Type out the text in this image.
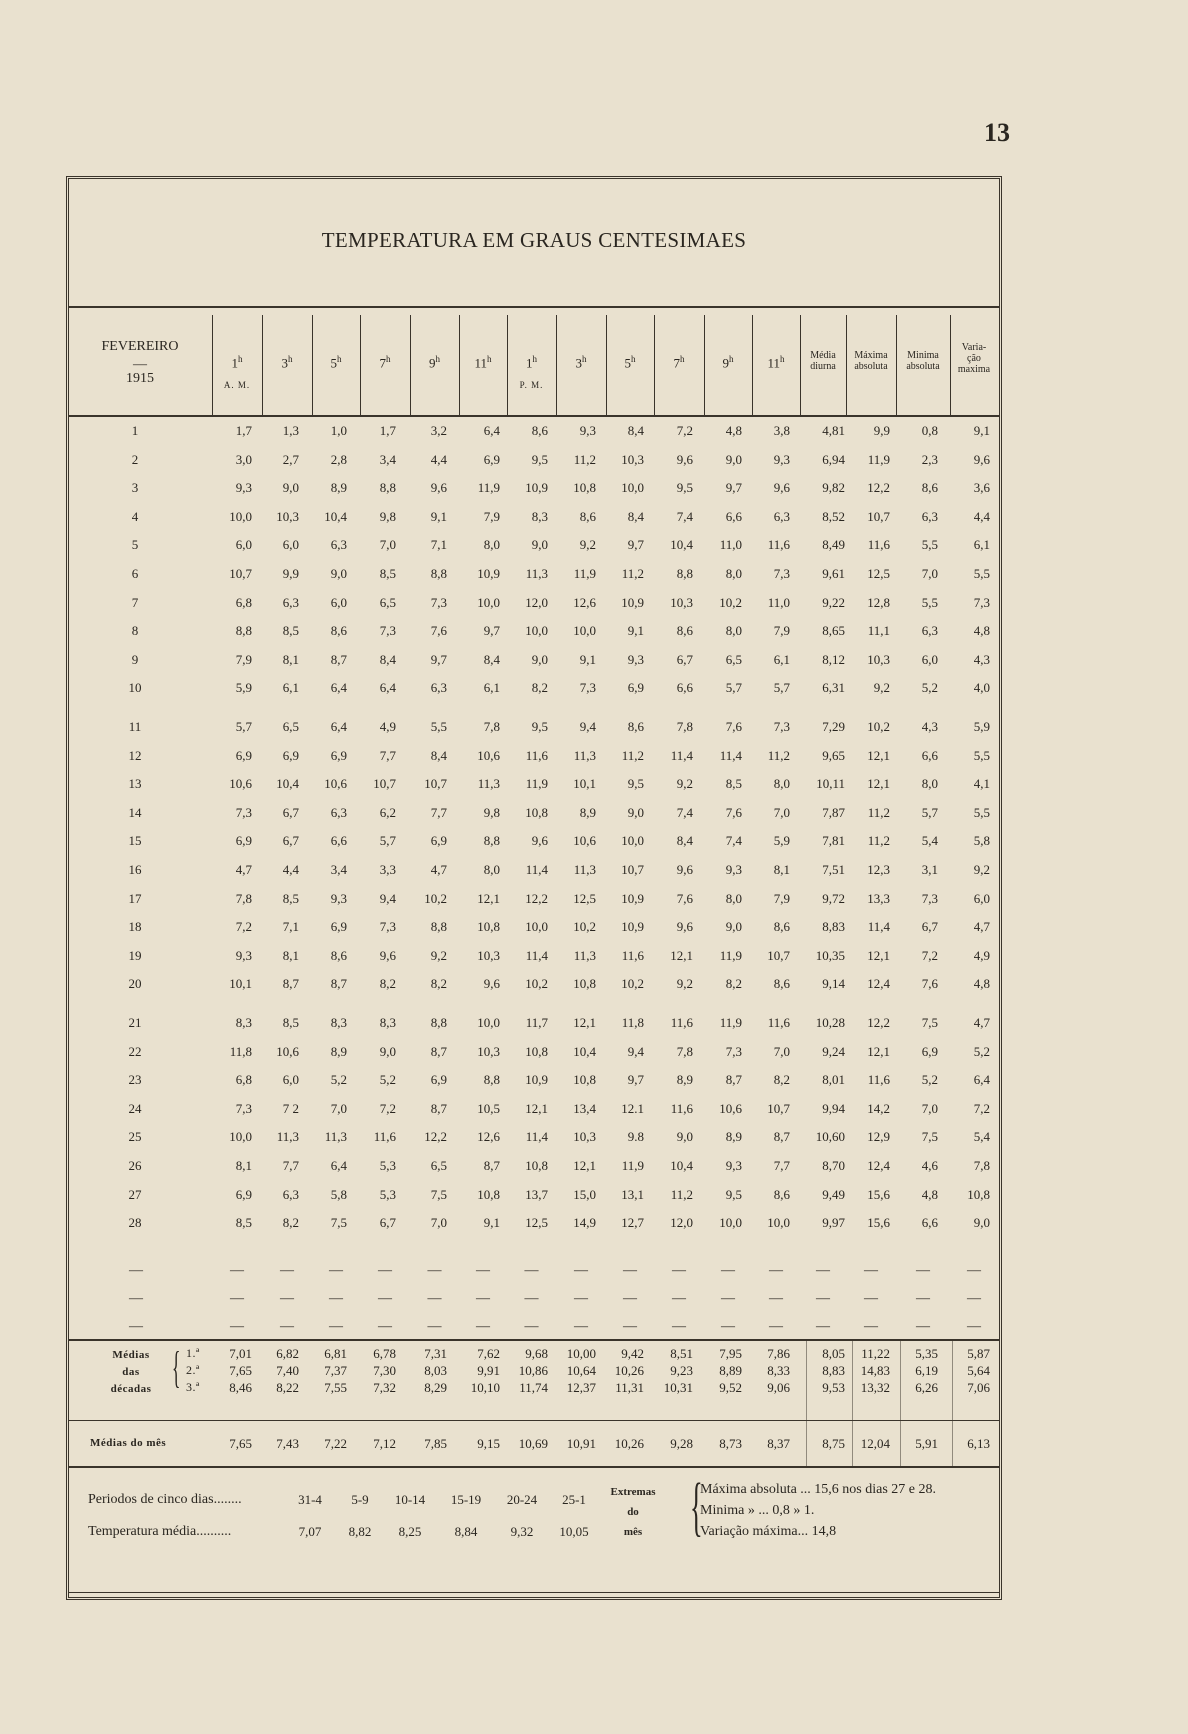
13
TEMPERATURA EM GRAUS CENTESIMAES
FEVEREIRO
—
1915
1$^h$	3$^h$	5$^h$	7$^h$	9$^h$	11$^h$	1$^h$	3$^h$	5$^h$	7$^h$	9$^h$	11$^h$
A. M.	P. M.
Média
diurna
Máxima
absoluta
Minima
absoluta
Varia-
ção
maxima
1	1,7	1,3	1,0	1,7	3,2	6,4	8,6	9,3	8,4	7,2	4,8	3,8	4,81	9,9	0,8	9,1
2	3,0	2,7	2,8	3,4	4,4	6,9	9,5	11,2	10,3	9,6	9,0	9,3	6,94	11,9	2,3	9,6
3	9,3	9,0	8,9	8,8	9,6	11,9	10,9	10,8	10,0	9,5	9,7	9,6	9,82	12,2	8,6	3,6
4	10,0	10,3	10,4	9,8	9,1	7,9	8,3	8,6	8,4	7,4	6,6	6,3	8,52	10,7	6,3	4,4
5	6,0	6,0	6,3	7,0	7,1	8,0	9,0	9,2	9,7	10,4	11,0	11,6	8,49	11,6	5,5	6,1
6	10,7	9,9	9,0	8,5	8,8	10,9	11,3	11,9	11,2	8,8	8,0	7,3	9,61	12,5	7,0	5,5
7	6,8	6,3	6,0	6,5	7,3	10,0	12,0	12,6	10,9	10,3	10,2	11,0	9,22	12,8	5,5	7,3
8	8,8	8,5	8,6	7,3	7,6	9,7	10,0	10,0	9,1	8,6	8,0	7,9	8,65	11,1	6,3	4,8
9	7,9	8,1	8,7	8,4	9,7	8,4	9,0	9,1	9,3	6,7	6,5	6,1	8,12	10,3	6,0	4,3
10	5,9	6,1	6,4	6,4	6,3	6,1	8,2	7,3	6,9	6,6	5,7	5,7	6,31	9,2	5,2	4,0
11	5,7	6,5	6,4	4,9	5,5	7,8	9,5	9,4	8,6	7,8	7,6	7,3	7,29	10,2	4,3	5,9
12	6,9	6,9	6,9	7,7	8,4	10,6	11,6	11,3	11,2	11,4	11,4	11,2	9,65	12,1	6,6	5,5
13	10,6	10,4	10,6	10,7	10,7	11,3	11,9	10,1	9,5	9,2	8,5	8,0	10,11	12,1	8,0	4,1
14	7,3	6,7	6,3	6,2	7,7	9,8	10,8	8,9	9,0	7,4	7,6	7,0	7,87	11,2	5,7	5,5
15	6,9	6,7	6,6	5,7	6,9	8,8	9,6	10,6	10,0	8,4	7,4	5,9	7,81	11,2	5,4	5,8
16	4,7	4,4	3,4	3,3	4,7	8,0	11,4	11,3	10,7	9,6	9,3	8,1	7,51	12,3	3,1	9,2
17	7,8	8,5	9,3	9,4	10,2	12,1	12,2	12,5	10,9	7,6	8,0	7,9	9,72	13,3	7,3	6,0
18	7,2	7,1	6,9	7,3	8,8	10,8	10,0	10,2	10,9	9,6	9,0	8,6	8,83	11,4	6,7	4,7
19	9,3	8,1	8,6	9,6	9,2	10,3	11,4	11,3	11,6	12,1	11,9	10,7	10,35	12,1	7,2	4,9
20	10,1	8,7	8,7	8,2	8,2	9,6	10,2	10,8	10,2	9,2	8,2	8,6	9,14	12,4	7,6	4,8
21	8,3	8,5	8,3	8,3	8,8	10,0	11,7	12,1	11,8	11,6	11,9	11,6	10,28	12,2	7,5	4,7
22	11,8	10,6	8,9	9,0	8,7	10,3	10,8	10,4	9,4	7,8	7,3	7,0	9,24	12,1	6,9	5,2
23	6,8	6,0	5,2	5,2	6,9	8,8	10,9	10,8	9,7	8,9	8,7	8,2	8,01	11,6	5,2	6,4
24	7,3	7 2	7,0	7,2	8,7	10,5	12,1	13,4	12.1	11,6	10,6	10,7	9,94	14,2	7,0	7,2
25	10,0	11,3	11,3	11,6	12,2	12,6	11,4	10,3	9.8	9,0	8,9	8,7	10,60	12,9	7,5	5,4
26	8,1	7,7	6,4	5,3	6,5	8,7	10,8	12,1	11,9	10,4	9,3	7,7	8,70	12,4	4,6	7,8
27	6,9	6,3	5,8	5,3	7,5	10,8	13,7	15,0	13,1	11,2	9,5	8,6	9,49	15,6	4,8	10,8
28	8,5	8,2	7,5	6,7	7,0	9,1	12,5	14,9	12,7	12,0	10,0	10,0	9,97	15,6	6,6	9,0
—	—	—	—	—	— — —	—	—	—	— — — —	—	—
—	—	—	—	—	— — —	—	—	—	— — — —	—	—
—	—	—	—	—	— — —	—	—	—	— — — —	—	—
Médias
das
décadas { 1.ª	7,01	6,82	6,81	6,78	7,31	7,62	9,68	10,00	9,42	8,51	7,95	7,86	8,05	11,22	5,35	5,87
2.ª	7,65	7,40	7,37	7,30	8,03	9,91	10,86	10,64	10,26	9,23	8,89	8,33	8,83	14,83	6,19	5,64
3.ª	8,46	8,22	7,55	7,32	8,29	10,10	11,74	12,37	11,31	10,31	9,52	9,06	9,53	13,32	6,26	7,06
Médias do mês	7,65	7,43	7,22	7,12	7,85	9,15	10,69	10,91	10,26	9,28	8,73	8,37	8,75	12,04	5,91	6,13
Periodos de cinco dias........
Temperatura média..........
31-4	5-9	10-14	15-19	20-24	25-1
7,07	8,82	8,25	8,84	9,32	10,05
Extremas
do
mês {
Máxima absoluta ... 15,6 nos dias 27 e 28.
Minima » ... 0,8 » 1.
Variação máxima... 14,8
